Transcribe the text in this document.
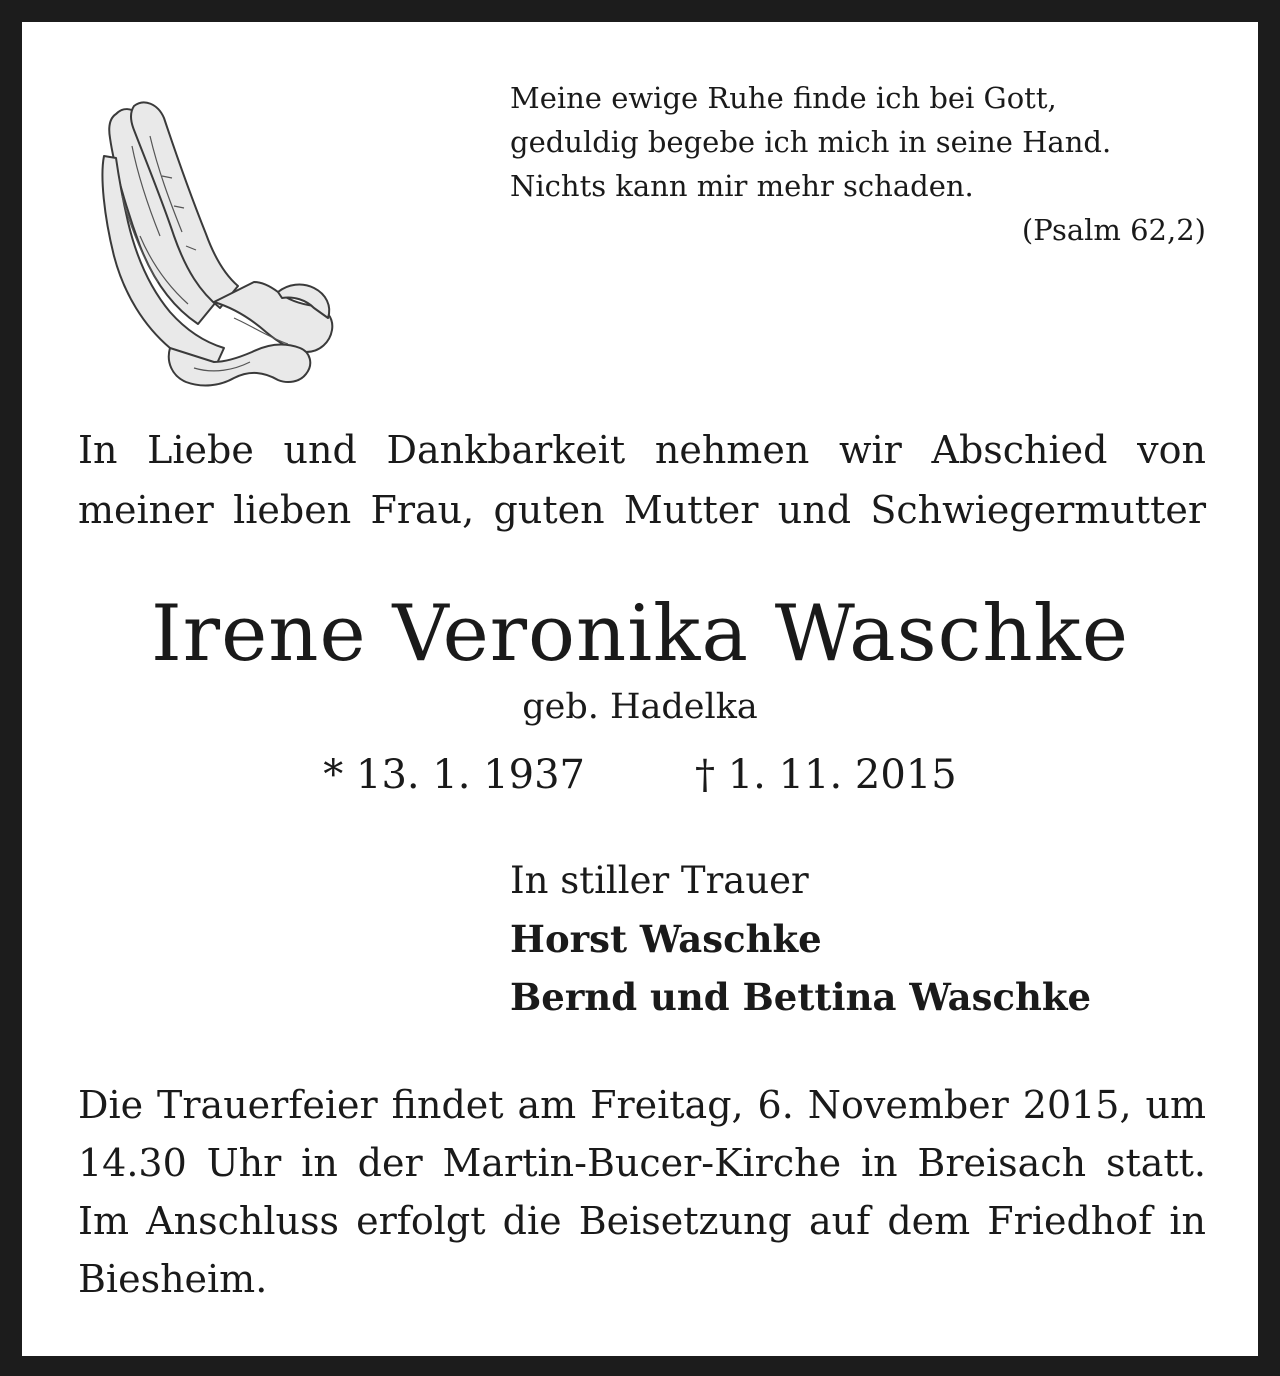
Meine ewige Ruhe finde ich bei Gott,
geduldig begebe ich mich in seine Hand.
Nichts kann mir mehr schaden.
(Psalm 62,2)
In Liebe und Dankbarkeit nehmen wir Abschied von
meiner lieben Frau, guten Mutter und Schwiegermutter
Irene Veronika Waschke
geb. Hadelka
* 13. 1. 1937	† 1. 11. 2015
In stiller Trauer
Horst Waschke
Bernd und Bettina Waschke
Die Trauerfeier findet am Freitag, 6. November 2015, um
14.30 Uhr in der Martin-Bucer-Kirche in Breisach statt.
Im Anschluss erfolgt die Beisetzung auf dem Friedhof in
Biesheim.
